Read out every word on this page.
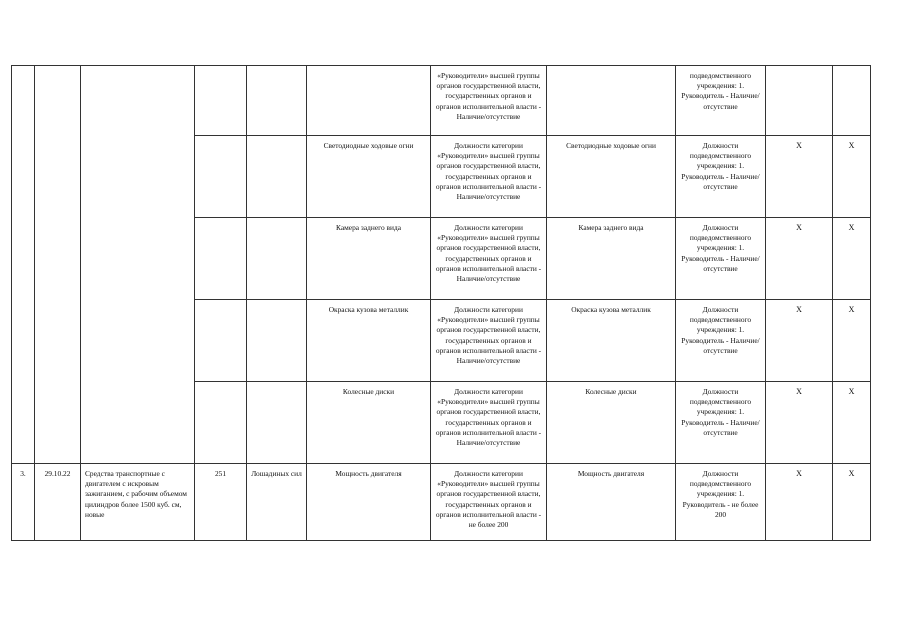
						«Руководители» высшей группы органов государственной власти, государственных органов и органов исполнительной власти - Наличие/отсутствие		подведомственного учреждения: 1. Руководитель - Наличие/отсутствие		
					Светодиодные ходовые огни	Должности категории «Руководители» высшей группы органов государственной власти, государственных органов и органов исполнительной власти - Наличие/отсутствие	Светодиодные ходовые огни	Должности подведомственного учреждения: 1. Руководитель - Наличие/отсутствие	X	X
					Камера заднего вида	Должности категории «Руководители» высшей группы органов государственной власти, государственных органов и органов исполнительной власти - Наличие/отсутствие	Камера заднего вида	Должности подведомственного учреждения: 1. Руководитель - Наличие/отсутствие	X	X
					Окраска кузова металлик	Должности категории «Руководители» высшей группы органов государственной власти, государственных органов и органов исполнительной власти - Наличие/отсутствие	Окраска кузова металлик	Должности подведомственного учреждения: 1. Руководитель - Наличие/отсутствие	X	X
					Колесные диски	Должности категории «Руководители» высшей группы органов государственной власти, государственных органов и органов исполнительной власти - Наличие/отсутствие	Колесные диски	Должности подведомственного учреждения: 1. Руководитель - Наличие/отсутствие	X	X
3.	29.10.22	Средства транспортные с двигателем с искровым зажиганием, с рабочим объемом цилиндров более 1500 куб. см, новые	251	Лошадиных сил	Мощность двигателя	Должности категории «Руководители» высшей группы органов государственной власти, государственных органов и органов исполнительной власти - не более 200	Мощность двигателя	Должности подведомственного учреждения: 1. Руководитель - не более 200	X	X
